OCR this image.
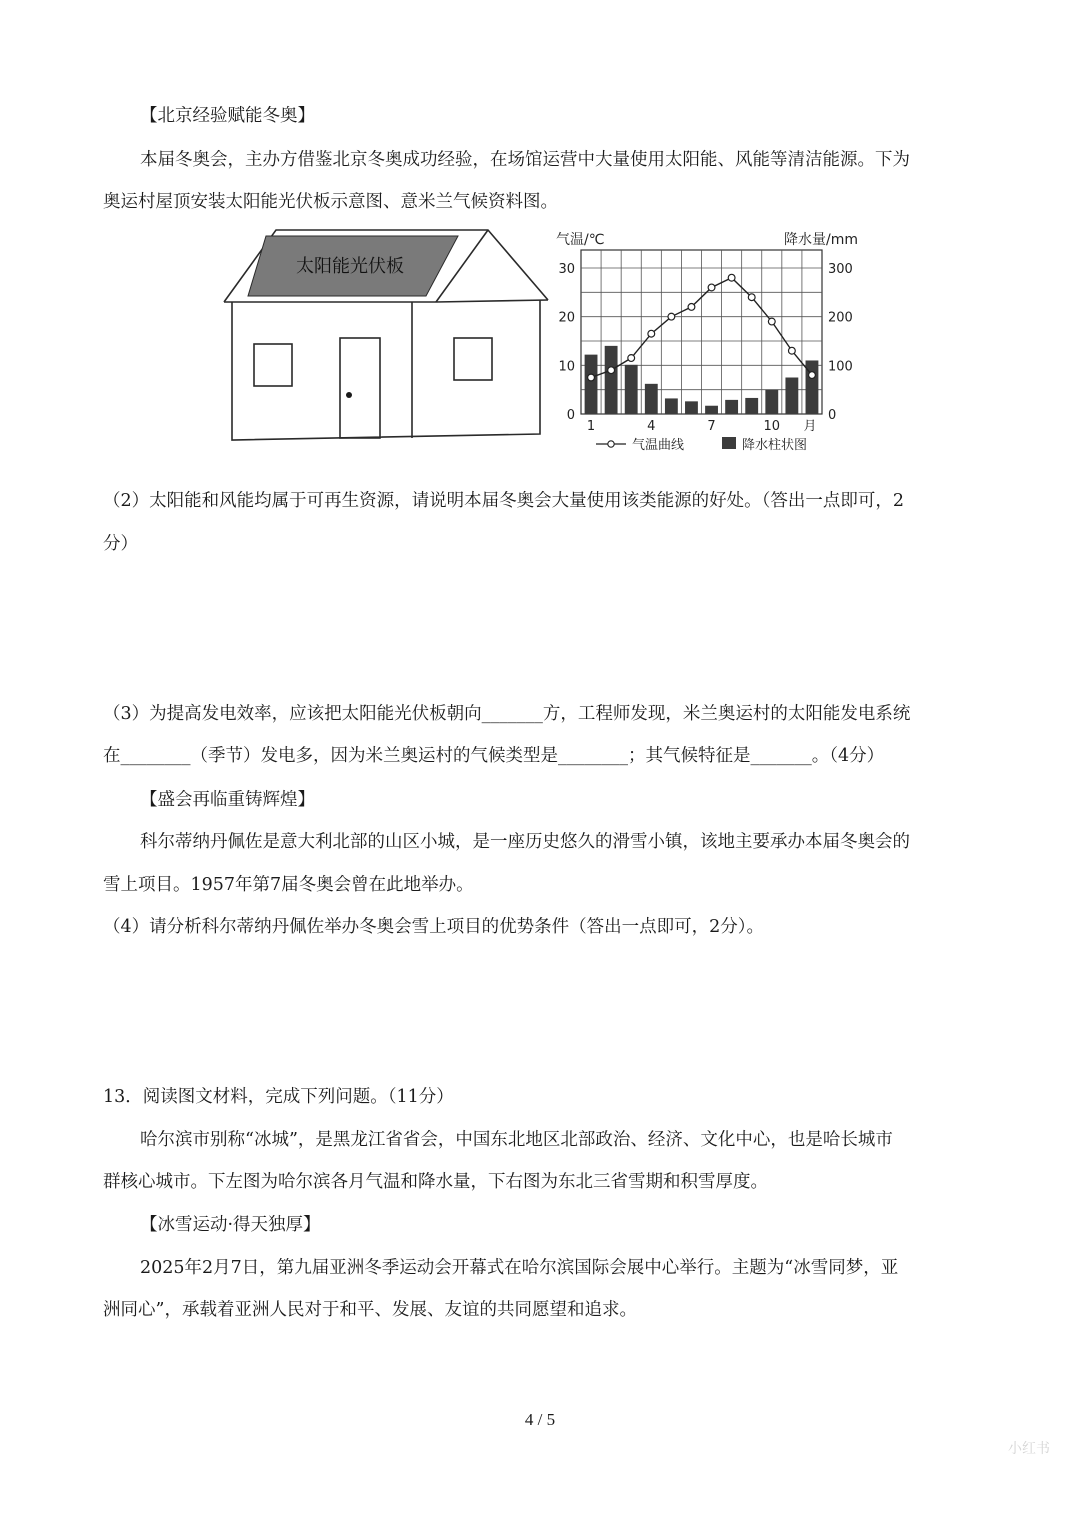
【北京经验赋能冬奥】
本届冬奥会，主办方借鉴北京冬奥成功经验，在场馆运营中大量使用太阳能、风能等清洁能源。下为
奥运村屋顶安装太阳能光伏板示意图、意米兰气候资料图。
太阳能光伏板
气温/℃	降水量/mm
30
20
10
0
300
200
100
0
1	4	7	10 月
气温曲线	降水柱状图
（2）太阳能和风能均属于可再生资源，请说明本届冬奥会大量使用该类能源的好处。（答出一点即可，2
分）
（3）为提高发电效率，应该把太阳能光伏板朝向_______方，工程师发现，米兰奥运村的太阳能发电系统
在________（季节）发电多，因为米兰奥运村的气候类型是________；其气候特征是_______。（4分）
【盛会再临重铸辉煌】
科尔蒂纳丹佩佐是意大利北部的山区小城，是一座历史悠久的滑雪小镇，该地主要承办本届冬奥会的
雪上项目。1957年第7届冬奥会曾在此地举办。
（4）请分析科尔蒂纳丹佩佐举办冬奥会雪上项目的优势条件（答出一点即可，2分）。
13．阅读图文材料，完成下列问题。（11分）
哈尔滨市别称“冰城”，是黑龙江省省会，中国东北地区北部政治、经济、文化中心，也是哈长城市
群核心城市。下左图为哈尔滨各月气温和降水量，下右图为东北三省雪期和积雪厚度。
【冰雪运动·得天独厚】
2025年2月7日，第九届亚洲冬季运动会开幕式在哈尔滨国际会展中心举行。主题为“冰雪同梦，亚
洲同心”，承载着亚洲人民对于和平、发展、友谊的共同愿望和追求。
4 / 5
小红书
